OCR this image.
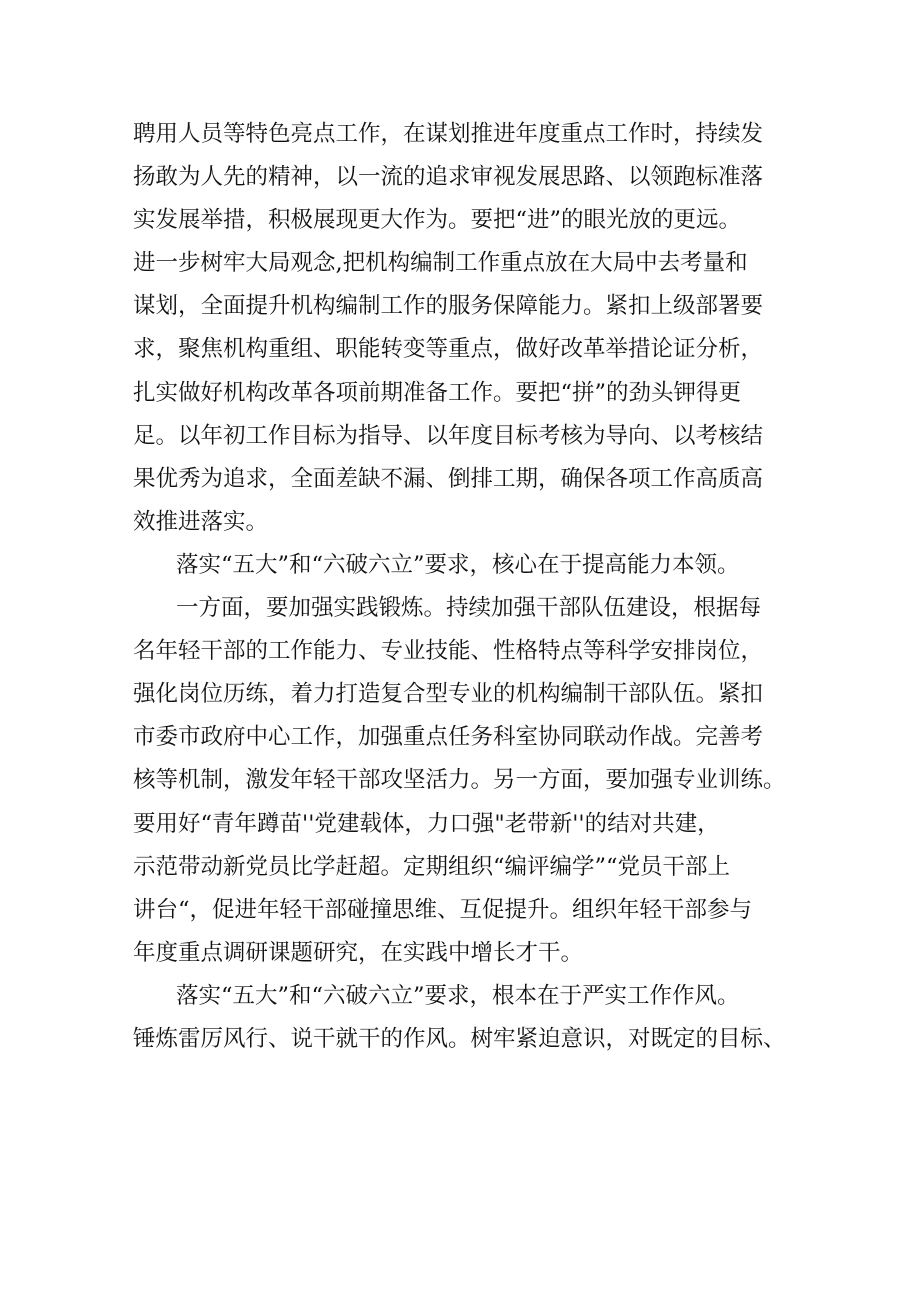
聘用人员等特色亮点工作，在谋划推进年度重点工作时，持续发
扬敢为人先的精神，以一流的追求审视发展思路、以领跑标准落
实发展举措，积极展现更大作为。要把“进”的眼光放的更远。
进一步树牢大局观念,把机构编制工作重点放在大局中去考量和
谋划，全面提升机构编制工作的服务保障能力。紧扣上级部署要
求，聚焦机构重组、职能转变等重点，做好改革举措论证分析，
扎实做好机构改革各项前期准备工作。要把“拼”的劲头钾得更
足。以年初工作目标为指导、以年度目标考核为导向、以考核结
果优秀为追求，全面差缺不漏、倒排工期，确保各项工作高质高
效推进落实。
落实“五大”和“六破六立”要求，核心在于提高能力本领。
一方面，要加强实践锻炼。持续加强干部队伍建设，根据每
名年轻干部的工作能力、专业技能、性格特点等科学安排岗位，
强化岗位历练，着力打造复合型专业的机构编制干部队伍。紧扣
市委市政府中心工作，加强重点任务科室协同联动作战。完善考
核等机制，激发年轻干部攻坚活力。另一方面，要加强专业训练。
要用好“青年蹲苗''党建载体，力口强"老带新''的结对共建，
示范带动新党员比学赶超。定期组织“编评编学”“党员干部上
讲台“，促进年轻干部碰撞思维、互促提升。组织年轻干部参与
年度重点调研课题研究，在实践中增长才干。
落实“五大”和“六破六立”要求，根本在于严实工作作风。
锤炼雷厉风行、说干就干的作风。树牢紧迫意识，对既定的目标、
